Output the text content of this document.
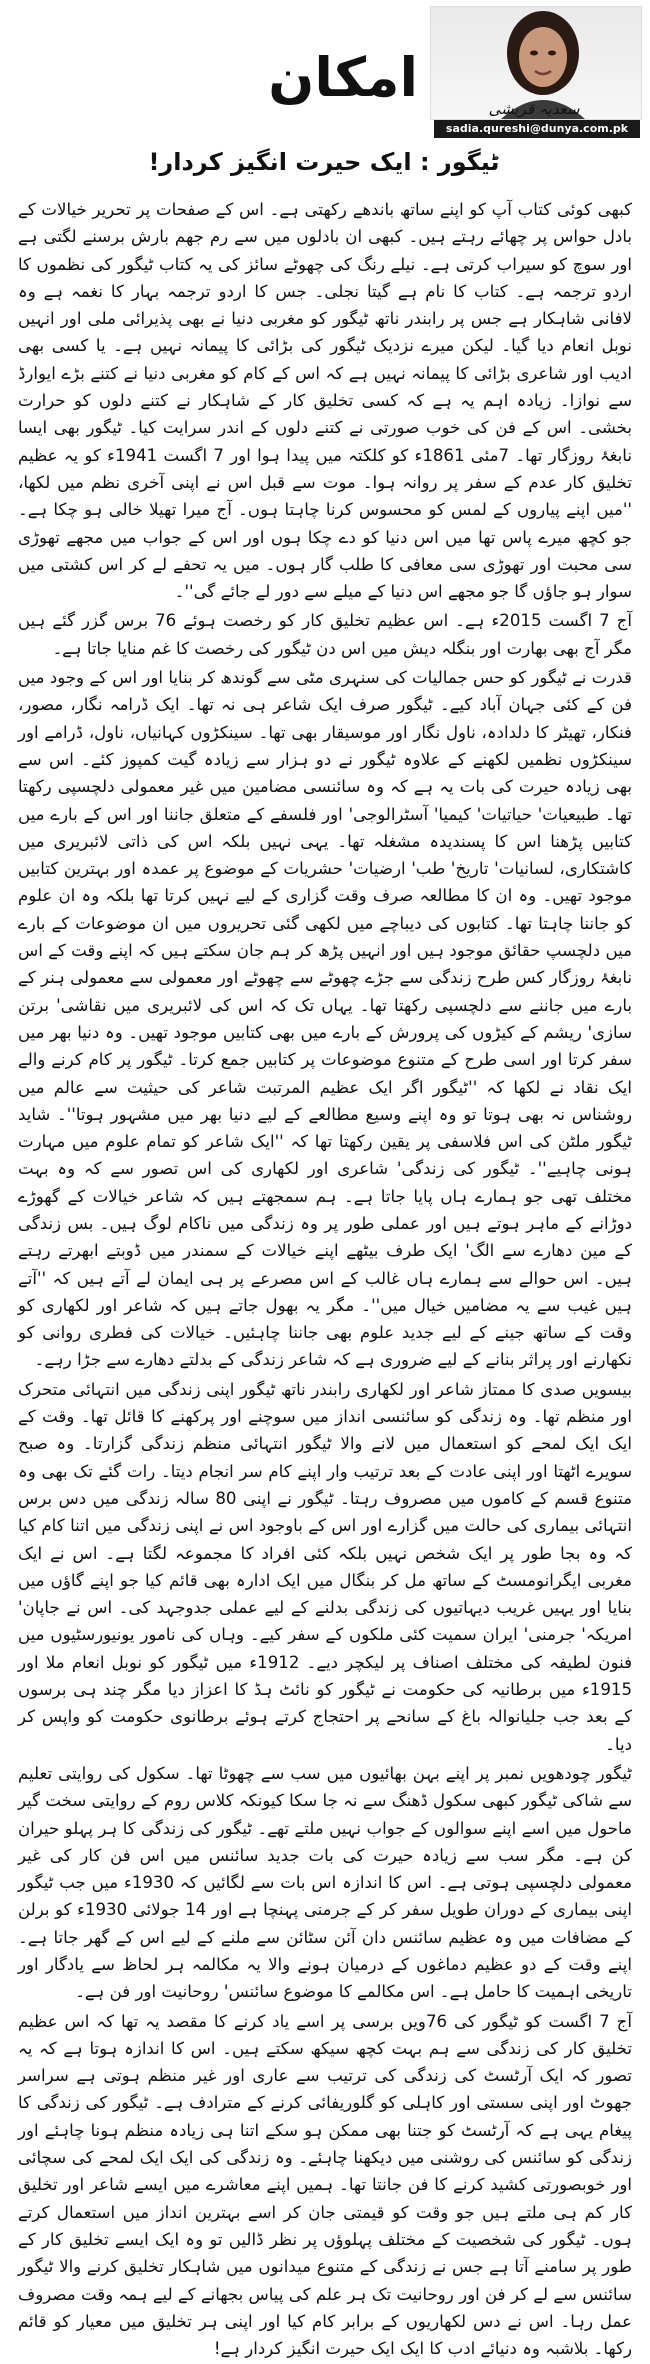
امکان	سعدیہ قریشی
sadia.qureshi@dunya.com.pk
ٹیگور : ایک حیرت انگیز کردار!

کبھی کوئی کتاب آپ کو اپنے ساتھ باندھے رکھتی ہے۔ اس کے صفحات پر تحریر خیالات کے بادل حواس پر چھائے رہتے ہیں۔ کبھی ان بادلوں میں سے رم جھم بارش برسنے لگتی ہے اور سوچ کو سیراب کرتی ہے۔ نیلے رنگ کی چھوٹے سائز کی یہ کتاب ٹیگور کی نظموں کا اردو ترجمہ ہے۔ کتاب کا نام ہے گیتا نجلی۔ جس کا اردو ترجمہ بہار کا نغمہ ہے وہ لافانی شاہکار ہے جس پر رابندر ناتھ ٹیگور کو مغربی دنیا نے بھی پذیرائی ملی اور انہیں نوبل انعام دیا گیا۔ لیکن میرے نزدیک ٹیگور کی بڑائی کا پیمانہ نہیں ہے۔ یا کسی بھی ادیب اور شاعری بڑائی کا پیمانہ نہیں ہے کہ اس کے کام کو مغربی دنیا نے کتنے بڑے ایوارڈ سے نوازا۔ زیادہ اہم یہ ہے کہ کسی تخلیق کار کے شاہکار نے کتنے دلوں کو حرارت بخشی۔ اس کے فن کی خوب صورتی نے کتنے دلوں کے اندر سرایت کیا۔ ٹیگور بھی ایسا نابغۂ روزگار تھا۔ 7مئی 1861ء کو کلکتہ میں پیدا ہوا اور 7 اگست 1941ء کو یہ عظیم تخلیق کار عدم کے سفر پر روانہ ہوا۔ موت سے قبل اس نے اپنی آخری نظم میں لکھا، ''میں اپنے پیاروں کے لمس کو محسوس کرنا چاہتا ہوں۔ آج میرا تھیلا خالی ہو چکا ہے۔ جو کچھ میرے پاس تھا میں اس دنیا کو دے چکا ہوں اور اس کے جواب میں مجھے تھوڑی سی محبت اور تھوڑی سی معافی کا طلب گار ہوں۔ میں یہ تحفے لے کر اس کشتی میں سوار ہو جاؤں گا جو مجھے اس دنیا کے میلے سے دور لے جائے گی''۔

آج 7 اگست 2015ء ہے۔ اس عظیم تخلیق کار کو رخصت ہوئے 76 برس گزر گئے ہیں مگر آج بھی بھارت اور بنگلہ دیش میں اس دن ٹیگور کی رخصت کا غم منایا جاتا ہے۔

قدرت نے ٹیگور کو حس جمالیات کی سنہری مٹی سے گوندھ کر بنایا اور اس کے وجود میں فن کے کئی جہان آباد کیے۔ ٹیگور صرف ایک شاعر ہی نہ تھا۔ ایک ڈرامہ نگار، مصور، فنکار، تھیٹر کا دلدادہ، ناول نگار اور موسیقار بھی تھا۔ سینکڑوں کہانیاں، ناول، ڈرامے اور سینکڑوں نظمیں لکھنے کے علاوہ ٹیگور نے دو ہزار سے زیادہ گیت کمپوز کئے۔ اس سے بھی زیادہ حیرت کی بات یہ ہے کہ وہ سائنسی مضامین میں غیر معمولی دلچسپی رکھتا تھا۔ طبیعیات' حیاتیات' کیمیا' آسٹرالوجی' اور فلسفے کے متعلق جاننا اور اس کے بارے میں کتابیں پڑھنا اس کا پسندیدہ مشغلہ تھا۔ یہی نہیں بلکہ اس کی ذاتی لائبریری میں کاشتکاری، لسانیات' تاریخ' طب' ارضیات' حشریات کے موضوع پر عمدہ اور بہترین کتابیں موجود تھیں۔ وہ ان کا مطالعہ صرف وقت گزاری کے لیے نہیں کرتا تھا بلکہ وہ ان علوم کو جاننا چاہتا تھا۔ کتابوں کی دیباچے میں لکھی گئی تحریروں میں ان موضوعات کے بارے میں دلچسپ حقائق موجود ہیں اور انہیں پڑھ کر ہم جان سکتے ہیں کہ اپنے وقت کے اس نابغۂ روزگار کس طرح زندگی سے جڑے چھوٹے سے چھوٹے اور معمولی سے معمولی ہنر کے بارے میں جاننے سے دلچسپی رکھتا تھا۔ یہاں تک کہ اس کی لائبریری میں نقاشی' برتن سازی' ریشم کے کیڑوں کی پرورش کے بارے میں بھی کتابیں موجود تھیں۔ وہ دنیا بھر میں سفر کرتا اور اسی طرح کے متنوع موضوعات پر کتابیں جمع کرتا۔ ٹیگور پر کام کرنے والے ایک نقاد نے لکھا کہ ''ٹیگور اگر ایک عظیم المرتبت شاعر کی حیثیت سے عالم میں روشناس نہ بھی ہوتا تو وہ اپنے وسیع مطالعے کے لیے دنیا بھر میں مشہور ہوتا''۔ شاید ٹیگور ملٹن کی اس فلاسفی پر یقین رکھتا تھا کہ ''ایک شاعر کو تمام علوم میں مہارت ہونی چاہیے''۔ ٹیگور کی زندگی' شاعری اور لکھاری کی اس تصور سے کہ وہ بہت مختلف تھی جو ہمارے ہاں پایا جاتا ہے۔ ہم سمجھتے ہیں کہ شاعر خیالات کے گھوڑے دوڑانے کے ماہر ہوتے ہیں اور عملی طور پر وہ زندگی میں ناکام لوگ ہیں۔ بس زندگی کے مین دھارے سے الگ' ایک طرف بیٹھے اپنے خیالات کے سمندر میں ڈوبتے ابھرتے رہتے ہیں۔ اس حوالے سے ہمارے ہاں غالب کے اس مصرعے پر ہی ایمان لے آتے ہیں کہ ''آتے ہیں غیب سے یہ مضامیں خیال میں''۔ مگر یہ بھول جاتے ہیں کہ شاعر اور لکھاری کو وقت کے ساتھ جینے کے لیے جدید علوم بھی جاننا چاہئیں۔ خیالات کی فطری روانی کو نکھارنے اور پراثر بنانے کے لیے ضروری ہے کہ شاعر زندگی کے بدلتے دھارے سے جڑا رہے۔

بیسویں صدی کا ممتاز شاعر اور لکھاری رابندر ناتھ ٹیگور اپنی زندگی میں انتہائی متحرک اور منظم تھا۔ وہ زندگی کو سائنسی انداز میں سوچنے اور پرکھنے کا قائل تھا۔ وقت کے ایک ایک لمحے کو استعمال میں لانے والا ٹیگور انتہائی منظم زندگی گزارتا۔ وہ صبح سویرے اٹھتا اور اپنی عادت کے بعد ترتیب وار اپنے کام سر انجام دیتا۔ رات گئے تک بھی وہ متنوع قسم کے کاموں میں مصروف رہتا۔ ٹیگور نے اپنی 80 سالہ زندگی میں دس برس انتہائی بیماری کی حالت میں گزارے اور اس کے باوجود اس نے اپنی زندگی میں اتنا کام کیا کہ وہ بجا طور پر ایک شخص نہیں بلکہ کئی افراد کا مجموعہ لگتا ہے۔ اس نے ایک مغربی ایگرانومسٹ کے ساتھ مل کر بنگال میں ایک ادارہ بھی قائم کیا جو اپنے گاؤں میں بنایا اور یہیں غریب دیہاتیوں کی زندگی بدلنے کے لیے عملی جدوجہد کی۔ اس نے جاپان' امریکہ' جرمنی' ایران سمیت کئی ملکوں کے سفر کیے۔ وہاں کی نامور یونیورسٹیوں میں فنون لطیفہ کی مختلف اصناف پر لیکچر دیے۔ 1912ء میں ٹیگور کو نوبل انعام ملا اور 1915ء میں برطانیہ کی حکومت نے ٹیگور کو نائٹ ہڈ کا اعزاز دیا مگر چند ہی برسوں کے بعد جب جلیانوالہ باغ کے سانحے پر احتجاج کرتے ہوئے برطانوی حکومت کو واپس کر دیا۔

ٹیگور چودھویں نمبر پر اپنے بہن بھائیوں میں سب سے چھوٹا تھا۔ سکول کی روایتی تعلیم سے شاکی ٹیگور کبھی سکول ڈھنگ سے نہ جا سکا کیونکہ کلاس روم کے روایتی سخت گیر ماحول میں اسے اپنے سوالوں کے جواب نہیں ملتے تھے۔ ٹیگور کی زندگی کا ہر پہلو حیران کن ہے۔ مگر سب سے زیادہ حیرت کی بات جدید سائنس میں اس فن کار کی غیر معمولی دلچسپی ہوتی ہے۔ اس کا اندازہ اس بات سے لگائیں کہ 1930ء میں جب ٹیگور اپنی بیماری کے دوران طویل سفر کر کے جرمنی پہنچا ہے اور 14 جولائی 1930ء کو برلن کے مضافات میں وہ عظیم سائنس دان آئن سٹائن سے ملنے کے لیے اس کے گھر جاتا ہے۔ اپنے وقت کے دو عظیم دماغوں کے درمیان ہونے والا یہ مکالمہ ہر لحاظ سے یادگار اور تاریخی اہمیت کا حامل ہے۔ اس مکالمے کا موضوع سائنس' روحانیت اور فن ہے۔

آج 7 اگست کو ٹیگور کی 76ویں برسی پر اسے یاد کرنے کا مقصد یہ تھا کہ اس عظیم تخلیق کار کی زندگی سے ہم بہت کچھ سیکھ سکتے ہیں۔ اس کا اندازہ ہوتا ہے کہ یہ تصور کہ ایک آرٹسٹ کی زندگی کی ترتیب سے عاری اور غیر منظم ہوتی ہے سراسر جھوٹ اور اپنی سستی اور کاہلی کو گلوریفائی کرنے کے مترادف ہے۔ ٹیگور کی زندگی کا پیغام یہی ہے کہ آرٹسٹ کو جتنا بھی ممکن ہو سکے اتنا ہی زیادہ منظم ہونا چاہئے اور زندگی کو سائنس کی روشنی میں دیکھنا چاہئے۔ وہ زندگی کی ایک ایک لمحے کی سچائی اور خوبصورتی کشید کرنے کا فن جانتا تھا۔ ہمیں اپنے معاشرے میں ایسے شاعر اور تخلیق کار کم ہی ملتے ہیں جو وقت کو قیمتی جان کر اسے بہترین انداز میں استعمال کرتے ہوں۔ ٹیگور کی شخصیت کے مختلف پہلوؤں پر نظر ڈالیں تو وہ ایک ایسے تخلیق کار کے طور پر سامنے آتا ہے جس نے زندگی کے متنوع میدانوں میں شاہکار تخلیق کرنے والا ٹیگور سائنس سے لے کر فن اور روحانیت تک ہر علم کی پیاس بجھانے کے لیے ہمہ وقت مصروف عمل رہا۔ اس نے دس لکھاریوں کے برابر کام کیا اور اپنی ہر تخلیق میں معیار کو قائم رکھا۔ بلاشبہ وہ دنیائے ادب کا ایک ایک حیرت انگیز کردار ہے!
